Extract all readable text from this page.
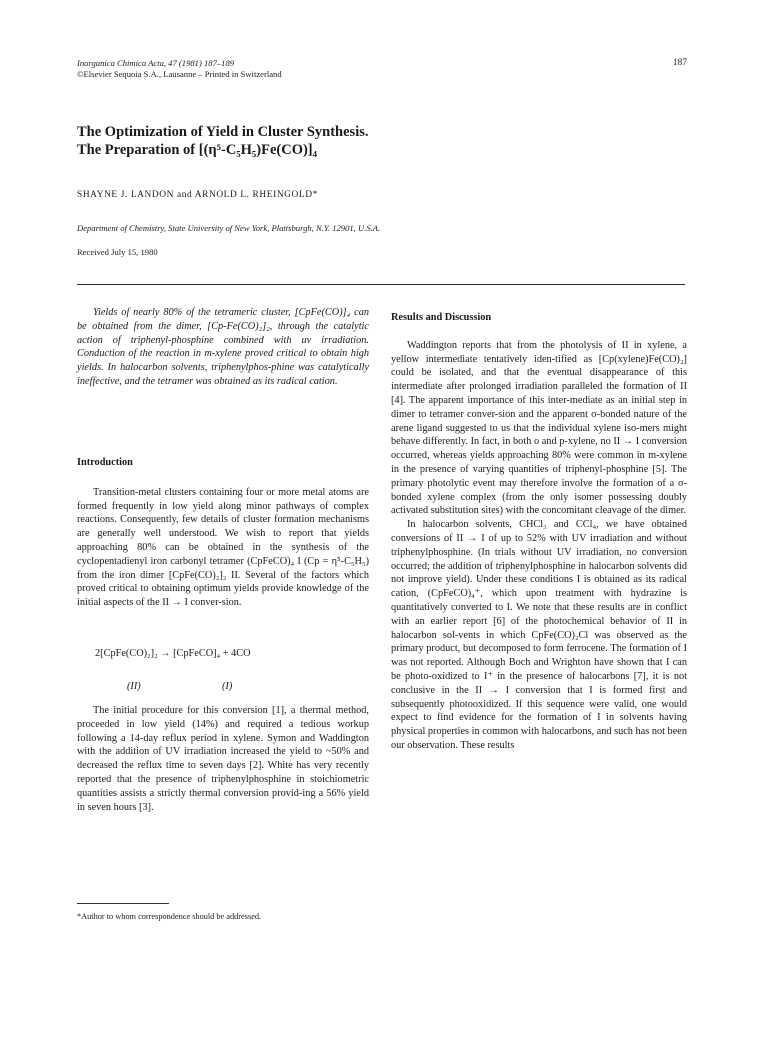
Inorganica Chimica Acta, 47 (1981) 187–189
©Elsevier Sequoia S.A., Lausanne – Printed in Switzerland
187
The Optimization of Yield in Cluster Synthesis.
The Preparation of [(η⁵-C₅H₅)Fe(CO)]₄
SHAYNE J. LANDON and ARNOLD L. RHEINGOLD*
Department of Chemistry, State University of New York, Plattsburgh, N.Y. 12901, U.S.A.
Received July 15, 1980

Yields of nearly 80% of the tetrameric cluster, [CpFe(CO)]₄ can be obtained from the dimer, [Cp-Fe(CO)₂]₂, through the catalytic action of triphenyl-phosphine combined with uv irradiation. Conduction of the reaction in m-xylene proved critical to obtain high yields. In halocarbon solvents, triphenylphos-phine was catalytically ineffective, and the tetramer was obtained as its radical cation.

Introduction

Transition-metal clusters containing four or more metal atoms are formed frequently in low yield along minor pathways of complex reactions. Consequently, few details of cluster formation mechanisms are generally well understood. We wish to report that yields approaching 80% can be obtained in the synthesis of the cyclopentadienyl iron carbonyl tetramer (CpFeCO)₄ I (Cp = η⁵-C₅H₅) from the iron dimer [CpFe(CO)₂]₂ II. Several of the factors which proved critical to obtaining optimum yields provide knowledge of the initial aspects of the II → I conver-sion.

2[CpFe(CO)₂]₂ → [CpFeCO]₄ + 4CO
(II)	(I)

The initial procedure for this conversion [1], a thermal method, proceeded in low yield (14%) and required a tedious workup following a 14-day reflux period in xylene. Symon and Waddington with the addition of UV irradiation increased the yield to ~50% and decreased the reflux time to seven days [2]. White has very recently reported that the presence of triphenylphosphine in stoichiometric quantities assists a strictly thermal conversion provid-ing a 56% yield in seven hours [3].

*Author to whom correspondence should be addressed.

Results and Discussion

Waddington reports that from the photolysis of II in xylene, a yellow intermediate tentatively iden-tified as [Cp(xylene)Fe(CO)₂] could be isolated, and that the eventual disappearance of this intermediate after prolonged irradiation paralleled the formation of II [4]. The apparent importance of this inter-mediate as an initial step in dimer to tetramer conver-sion and the apparent σ-bonded nature of the arene ligand suggested to us that the individual xylene iso-mers might behave differently. In fact, in both o and p-xylene, no II → I conversion occurred, whereas yields approaching 80% were common in m-xylene in the presence of varying quantities of triphenyl-phosphine [5]. The primary photolytic event may therefore involve the formation of a σ-bonded xylene complex (from the only isomer possessing doubly activated substitution sites) with the concomitant cleavage of the dimer.

In halocarbon solvents, CHCl₃ and CCl₄, we have obtained conversions of II → I of up to 52% with UV irradiation and without triphenylphosphine. (In trials without UV irradiation, no conversion occurred; the addition of triphenylphosphine in halocarbon solvents did not improve yield). Under these conditions I is obtained as its radical cation, (CpFeCO)₄⁺, which upon treatment with hydrazine is quantitatively converted to I. We note that these results are in conflict with an earlier report [6] of the photochemical behavior of II in halocarbon sol-vents in which CpFe(CO)₂Cl was observed as the primary product, but decomposed to form ferrocene. The formation of I was not reported. Although Boch and Wrighton have shown that I can be photo-oxidized to I⁺ in the presence of halocarbons [7], it is not conclusive in the II → I conversion that I is formed first and subsequently photooxidized. If this sequence were valid, one would expect to find evidence for the formation of I in solvents having physical properties in common with halocarbons, and such has not been our observation. These results
